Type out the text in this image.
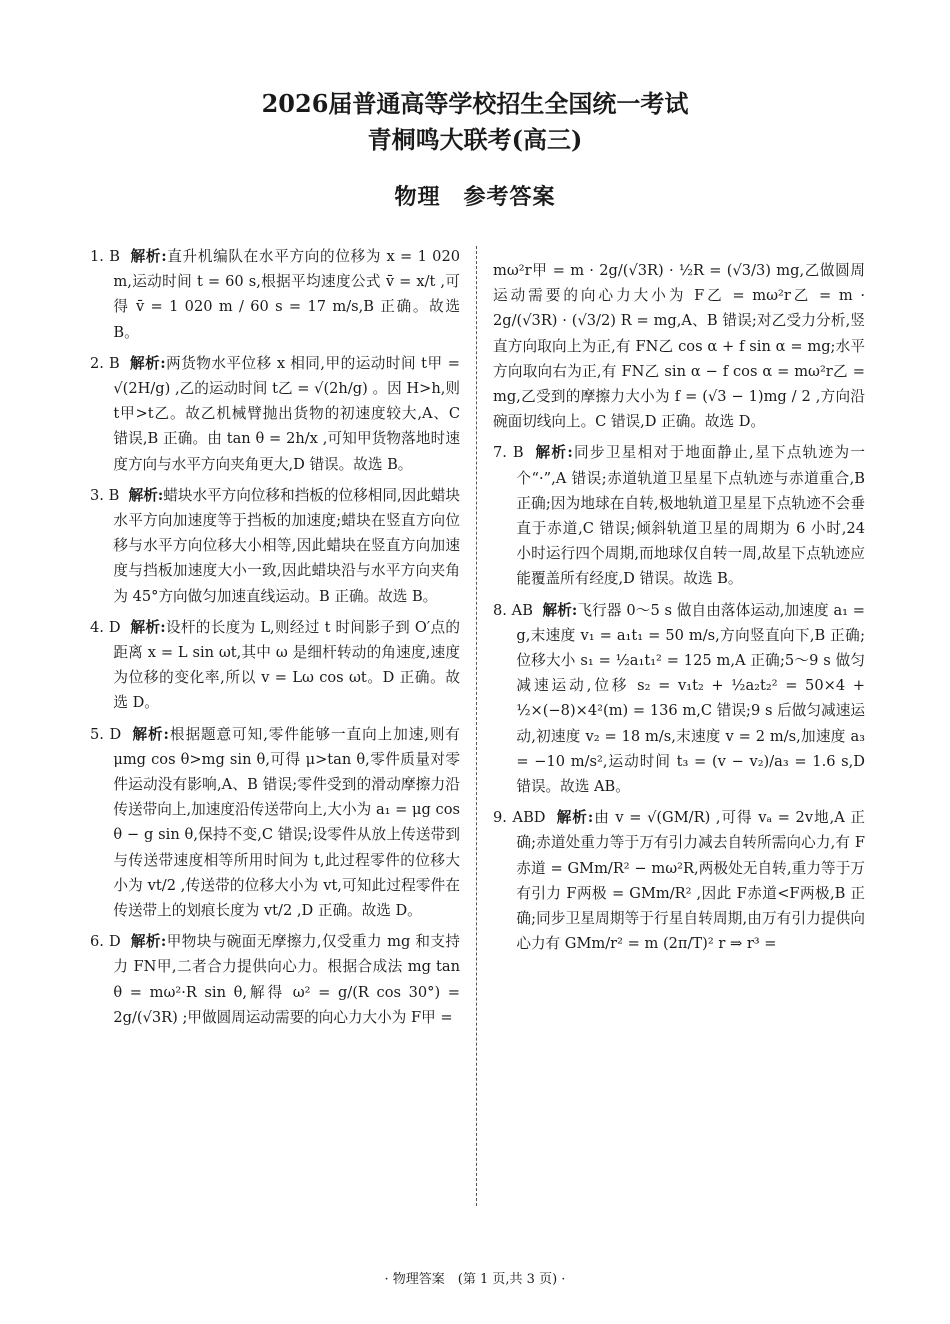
2026届普通高等学校招生全国统一考试
青桐鸣大联考(高三)
物理　参考答案
1. B 解析:直升机编队在水平方向的位移为 x = 1 020 m,运动时间 t = 60 s,根据平均速度公式 v̄ = x/t ,可得 v̄ = 1 020 m / 60 s = 17 m/s,B 正确。故选 B。
2. B 解析:两货物水平位移 x 相同,甲的运动时间 t甲 = √(2H/g) ,乙的运动时间 t乙 = √(2h/g) 。因 H>h,则 t甲>t乙。故乙机械臂抛出货物的初速度较大,A、C 错误,B 正确。由 tan θ = 2h/x ,可知甲货物落地时速度方向与水平方向夹角更大,D 错误。故选 B。
3. B 解析:蜡块水平方向位移和挡板的位移相同,因此蜡块水平方向加速度等于挡板的加速度;蜡块在竖直方向位移与水平方向位移大小相等,因此蜡块在竖直方向加速度与挡板加速度大小一致,因此蜡块沿与水平方向夹角为 45°方向做匀加速直线运动。B 正确。故选 B。
4. D 解析:设杆的长度为 L,则经过 t 时间影子到 O′点的距离 x = L sin ωt,其中 ω 是细杆转动的角速度,速度为位移的变化率,所以 v = Lω cos ωt。D 正确。故选 D。
5. D 解析:根据题意可知,零件能够一直向上加速,则有 μmg cos θ>mg sin θ,可得 μ>tan θ,零件质量对零件运动没有影响,A、B 错误;零件受到的滑动摩擦力沿传送带向上,加速度沿传送带向上,大小为 a₁ = μg cos θ − g sin θ,保持不变,C 错误;设零件从放上传送带到与传送带速度相等所用时间为 t,此过程零件的位移大小为 vt/2 ,传送带的位移大小为 vt,可知此过程零件在传送带上的划痕长度为 vt/2 ,D 正确。故选 D。
6. D 解析:甲物块与碗面无摩擦力,仅受重力 mg 和支持力 FN甲,二者合力提供向心力。根据合成法 mg tan θ = mω²·R sin θ,解得 ω² = g/(R cos 30°) = 2g/(√3R) ;甲做圆周运动需要的向心力大小为 F甲 =
mω²r甲 = m · 2g/(√3R) · ½R = (√3/3) mg,乙做圆周运动需要的向心力大小为 F乙 = mω²r乙 = m · 2g/(√3R) · (√3/2) R = mg,A、B 错误;对乙受力分析,竖直方向取向上为正,有 FN乙 cos α + f sin α = mg;水平方向取向右为正,有 FN乙 sin α − f cos α = mω²r乙 = mg,乙受到的摩擦力大小为 f = (√3 − 1)mg / 2 ,方向沿碗面切线向上。C 错误,D 正确。故选 D。
7. B 解析:同步卫星相对于地面静止,星下点轨迹为一个“·”,A 错误;赤道轨道卫星星下点轨迹与赤道重合,B 正确;因为地球在自转,极地轨道卫星星下点轨迹不会垂直于赤道,C 错误;倾斜轨道卫星的周期为 6 小时,24 小时运行四个周期,而地球仅自转一周,故星下点轨迹应能覆盖所有经度,D 错误。故选 B。
8. AB 解析:飞行器 0～5 s 做自由落体运动,加速度 a₁ = g,末速度 v₁ = a₁t₁ = 50 m/s,方向竖直向下,B 正确;位移大小 s₁ = ½a₁t₁² = 125 m,A 正确;5～9 s 做匀减速运动,位移 s₂ = v₁t₂ + ½a₂t₂² = 50×4 + ½×(−8)×4²(m) = 136 m,C 错误;9 s 后做匀减速运动,初速度 v₂ = 18 m/s,末速度 v = 2 m/s,加速度 a₃ = −10 m/s²,运动时间 t₃ = (v − v₂)/a₃ = 1.6 s,D 错误。故选 AB。
9. ABD 解析:由 v = √(GM/R) ,可得 vₐ = 2v地,A 正确;赤道处重力等于万有引力减去自转所需向心力,有 F赤道 = GMm/R² − mω²R,两极处无自转,重力等于万有引力 F两极 = GMm/R² ,因此 F赤道<F两极,B 正确;同步卫星周期等于行星自转周期,由万有引力提供向心力有 GMm/r² = m (2π/T)² r ⇒ r³ =
· 物理答案　(第 1 页,共 3 页) ·
